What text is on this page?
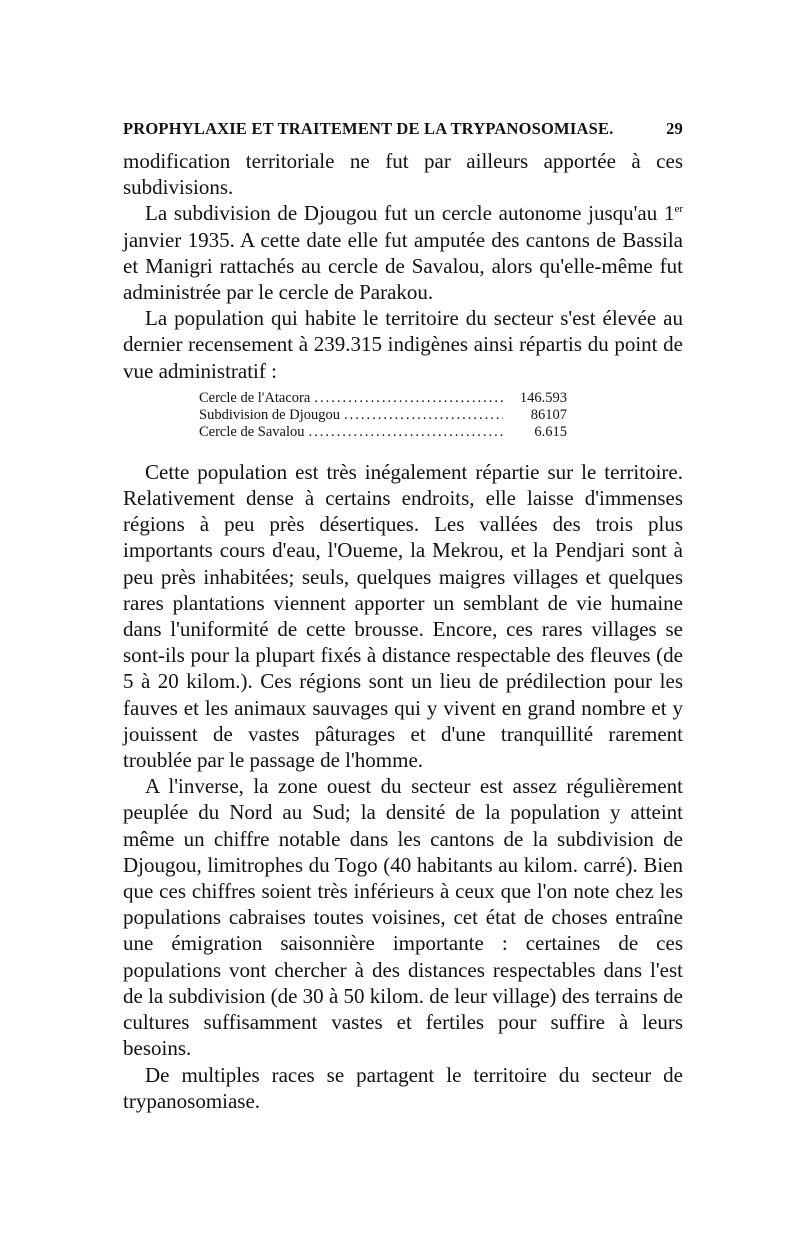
PROPHYLAXIE ET TRAITEMENT DE LA TRYPANOSOMIASE.	29

modification territoriale ne fut par ailleurs apportée à ces subdivisions.

La subdivision de Djougou fut un cercle autonome jusqu'au 1er janvier 1935. A cette date elle fut amputée des cantons de Bassila et Manigri rattachés au cercle de Savalou, alors qu'elle-même fut administrée par le cercle de Parakou.

La population qui habite le territoire du secteur s'est élevée au dernier recensement à 239.315 indigènes ainsi répartis du point de vue administratif :

Cercle de l'Atacora .....	146.593
Subdivision de Djougou .....	86107
Cercle de Savalou .....	6.615

Cette population est très inégalement répartie sur le territoire. Relativement dense à certains endroits, elle laisse d'immenses régions à peu près désertiques. Les vallées des trois plus importants cours d'eau, l'Oueme, la Mekrou, et la Pendjari sont à peu près inhabitées; seuls, quelques maigres villages et quelques rares plantations viennent apporter un semblant de vie humaine dans l'uniformité de cette brousse. Encore, ces rares villages se sont-ils pour la plupart fixés à distance respectable des fleuves (de 5 à 20 kilom.). Ces régions sont un lieu de prédilection pour les fauves et les animaux sauvages qui y vivent en grand nombre et y jouissent de vastes pâturages et d'une tranquillité rarement troublée par le passage de l'homme.

A l'inverse, la zone ouest du secteur est assez régulièrement peuplée du Nord au Sud; la densité de la population y atteint même un chiffre notable dans les cantons de la subdivision de Djougou, limitrophes du Togo (40 habitants au kilom. carré). Bien que ces chiffres soient très inférieurs à ceux que l'on note chez les populations cabraises toutes voisines, cet état de choses entraîne une émigration saisonnière importante : certaines de ces populations vont chercher à des distances respectables dans l'est de la subdivision (de 30 à 50 kilom. de leur village) des terrains de cultures suffisamment vastes et fertiles pour suffire à leurs besoins.

De multiples races se partagent le territoire du secteur de trypanosomiase.
